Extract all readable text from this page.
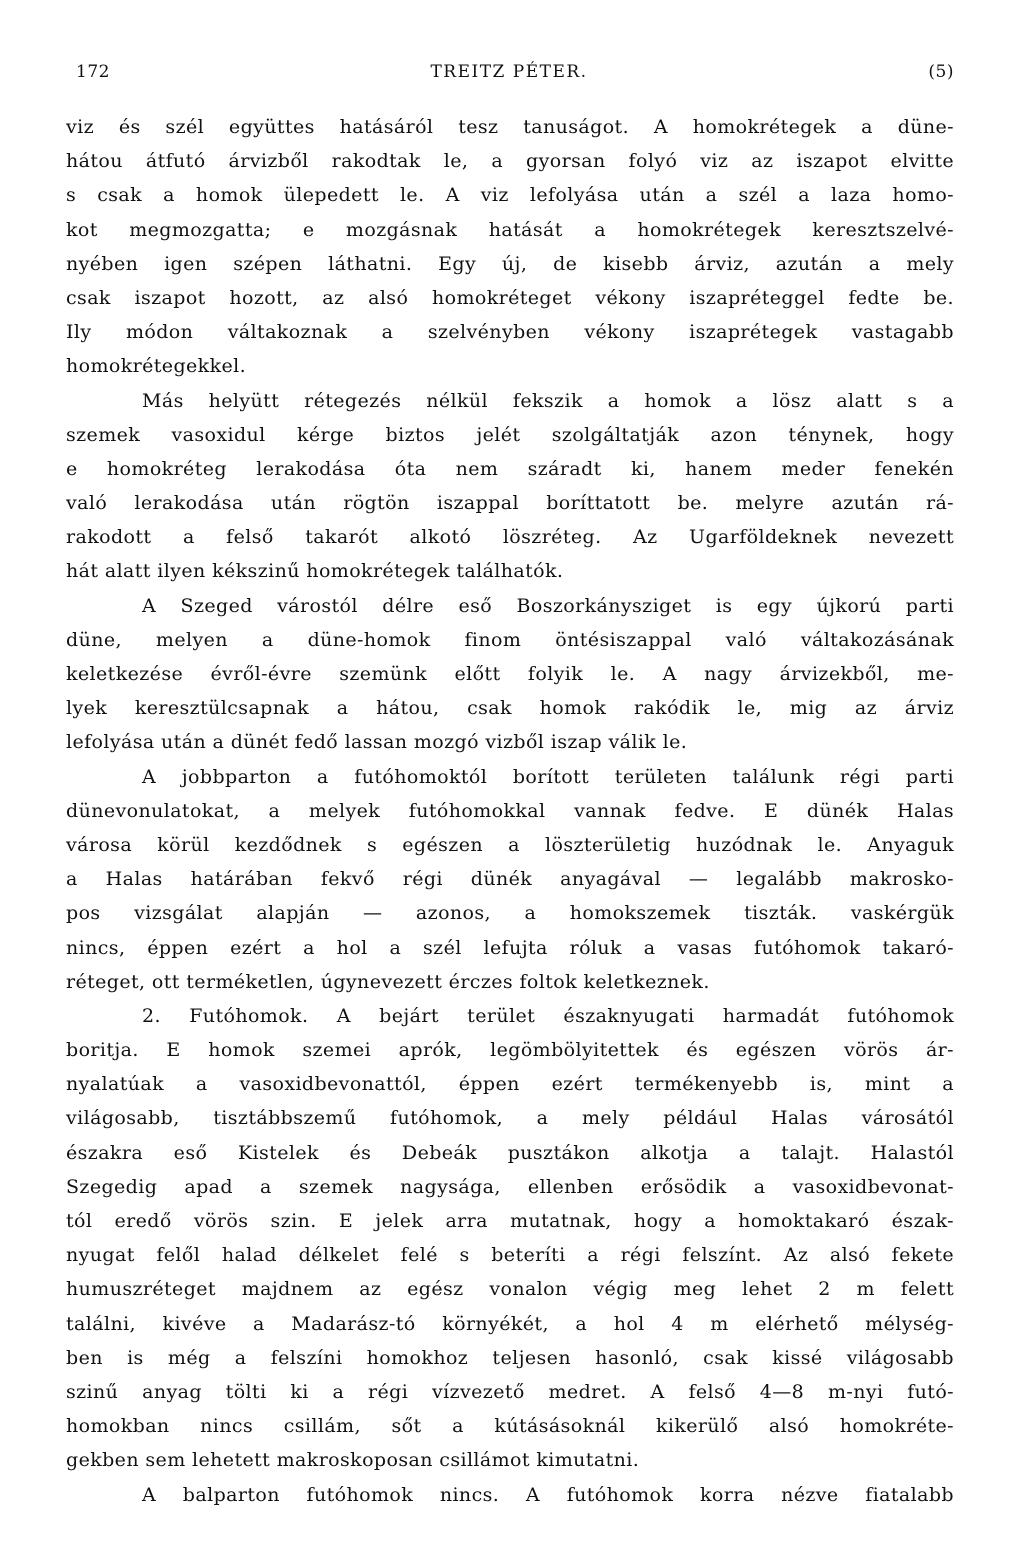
172	TREITZ PÉTER.	(5)
viz és szél együttes hatásáról tesz tanuságot. A homokrétegek a düne-
hátou átfutó árvizből rakodtak le, a gyorsan folyó viz az iszapot elvitte
s csak a homok ülepedett le. A viz lefolyása után a szél a laza homo-
kot megmozgatta; e mozgásnak hatását a homokrétegek keresztszelvé-
nyében igen szépen láthatni. Egy új, de kisebb árviz, azután a mely
csak iszapot hozott, az alsó homokréteget vékony iszapréteggel fedte be.
Ily módon váltakoznak a szelvényben vékony iszaprétegek vastagabb
homokrétegekkel.
Más helyütt rétegezés nélkül fekszik a homok a lösz alatt s a
szemek vasoxidul kérge biztos jelét szolgáltatják azon ténynek, hogy
e homokréteg lerakodása óta nem száradt ki, hanem meder fenekén
való lerakodása után rögtön iszappal boríttatott be. melyre azután rá-
rakodott a felső takarót alkotó löszréteg. Az Ugarföldeknek nevezett
hát alatt ilyen kékszinű homokrétegek találhatók.
A Szeged várostól délre eső Boszorkánysziget is egy újkorú parti
düne, melyen a düne-homok finom öntésiszappal való váltakozásának
keletkezése évről-évre szemünk előtt folyik le. A nagy árvizekből, me-
lyek keresztülcsapnak a hátou, csak homok rakódik le, mig az árviz
lefolyása után a dünét fedő lassan mozgó vizből iszap válik le.
A jobbparton a futóhomoktól borított területen találunk régi parti
dünevonulatokat, a melyek futóhomokkal vannak fedve. E dünék Halas
városa körül kezdődnek s egészen a löszterületig huzódnak le. Anyaguk
a Halas határában fekvő régi dünék anyagával — legalább makrosko-
pos vizsgálat alapján — azonos, a homokszemek tiszták. vaskérgük
nincs, éppen ezért a hol a szél lefujta róluk a vasas futóhomok takaró-
réteget, ott terméketlen, úgynevezett érczes foltok keletkeznek.
2. Futóhomok. A bejárt terület északnyugati harmadát futóhomok
boritja. E homok szemei aprók, legömbölyitettek és egészen vörös ár-
nyalatúak a vasoxidbevonattól, éppen ezért termékenyebb is, mint a
világosabb, tisztábbszemű futóhomok, a mely például Halas városától
északra eső Kistelek és Debeák pusztákon alkotja a talajt. Halastól
Szegedig apad a szemek nagysága, ellenben erősödik a vasoxidbevonat-
tól eredő vörös szin. E jelek arra mutatnak, hogy a homoktakaró észak-
nyugat felől halad délkelet felé s beteríti a régi felszínt. Az alsó fekete
humuszréteget majdnem az egész vonalon végig meg lehet 2 m felett
találni, kivéve a Madarász-tó környékét, a hol 4 m elérhető mélység-
ben is még a felszíni homokhoz teljesen hasonló, csak kissé világosabb
szinű anyag tölti ki a régi vízvezető medret. A felső 4—8 m-nyi futó-
homokban nincs csillám, sőt a kútásásoknál kikerülő alsó homokréte-
gekben sem lehetett makroskoposan csillámot kimutatni.
A balparton futóhomok nincs. A futóhomok korra nézve fiatalabb
